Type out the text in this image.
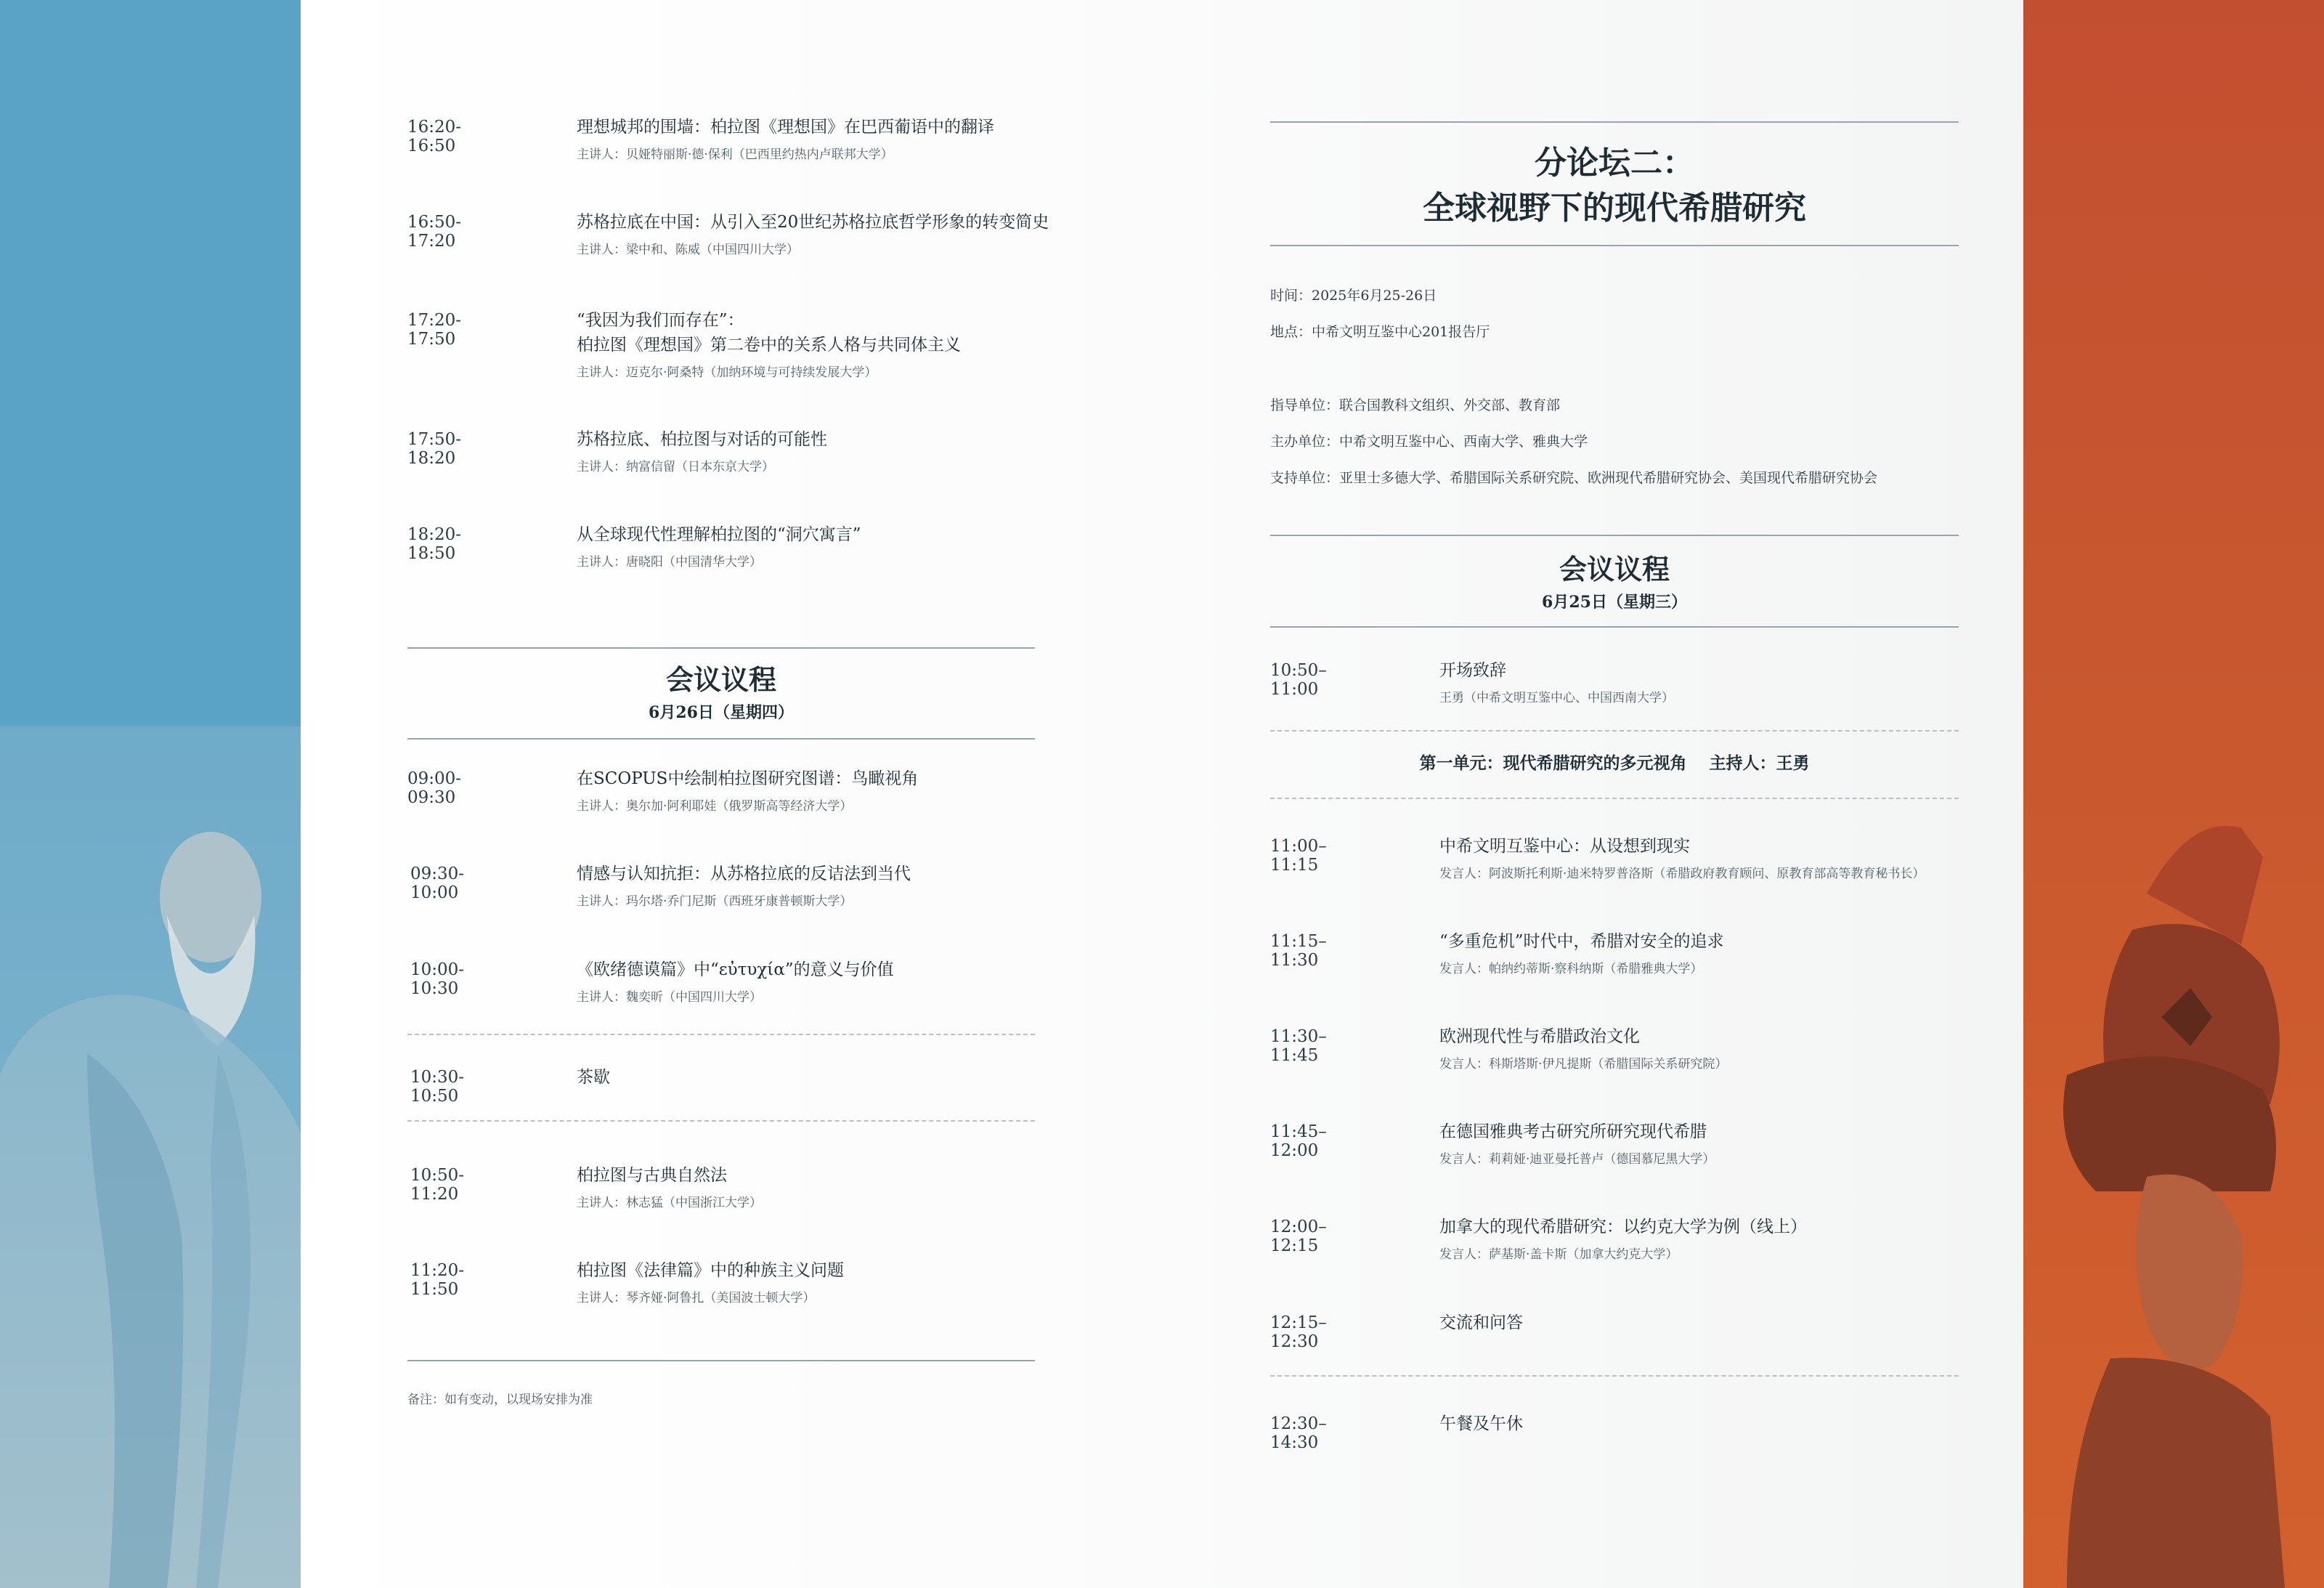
16:20-16:50
理想城邦的围墙：柏拉图《理想国》在巴西葡语中的翻译
主讲人：贝娅特丽斯·德·保利（巴西里约热内卢联邦大学）
16:50-17:20
苏格拉底在中国：从引入至20世纪苏格拉底哲学形象的转变简史
主讲人：梁中和、陈威（中国四川大学）
17:20-17:50
“我因为我们而存在”：
柏拉图《理想国》第二卷中的关系人格与共同体主义
主讲人：迈克尔·阿桑特（加纳环境与可持续发展大学）
17:50-18:20
苏格拉底、柏拉图与对话的可能性
主讲人：纳富信留（日本东京大学）
18:20-18:50
从全球现代性理解柏拉图的“洞穴寓言”
主讲人：唐晓阳（中国清华大学）
会议议程
6月26日（星期四）
09:00-09:30
在SCOPUS中绘制柏拉图研究图谱：鸟瞰视角
主讲人：奥尔加·阿利耶娃（俄罗斯高等经济大学）
09:30-10:00
情感与认知抗拒：从苏格拉底的反诘法到当代
主讲人：玛尔塔·乔门尼斯（西班牙康普顿斯大学）
10:00-10:30
《欧绪德谟篇》中“εὐτυχία”的意义与价值
主讲人：魏奕昕（中国四川大学）
10:30-10:50
茶歇
10:50-11:20
柏拉图与古典自然法
主讲人：林志猛（中国浙江大学）
11:20-11:50
柏拉图《法律篇》中的种族主义问题
主讲人：琴齐娅·阿鲁扎（美国波士顿大学）
备注：如有变动，以现场安排为准
分论坛二：
全球视野下的现代希腊研究
时间：2025年6月25-26日
地点：中希文明互鉴中心201报告厅
指导单位：联合国教科文组织、外交部、教育部
主办单位：中希文明互鉴中心、西南大学、雅典大学
支持单位：亚里士多德大学、希腊国际关系研究院、欧洲现代希腊研究协会、美国现代希腊研究协会
会议议程
6月25日（星期三）
10:50–11:00
开场致辞
王勇（中希文明互鉴中心、中国西南大学）
第一单元：现代希腊研究的多元视角　 主持人：王勇
11:00–11:15
中希文明互鉴中心：从设想到现实
发言人：阿波斯托利斯·迪米特罗普洛斯（希腊政府教育顾问、原教育部高等教育秘书长）
11:15–11:30
“多重危机”时代中，希腊对安全的追求
发言人：帕纳约蒂斯·察科纳斯（希腊雅典大学）
11:30–11:45
欧洲现代性与希腊政治文化
发言人：科斯塔斯·伊凡提斯（希腊国际关系研究院）
11:45–12:00
在德国雅典考古研究所研究现代希腊
发言人：莉莉娅·迪亚曼托普卢（德国慕尼黑大学）
12:00–12:15
加拿大的现代希腊研究：以约克大学为例（线上）
发言人：萨基斯·盖卡斯（加拿大约克大学）
12:15–12:30
交流和问答
12:30–14:30
午餐及午休
